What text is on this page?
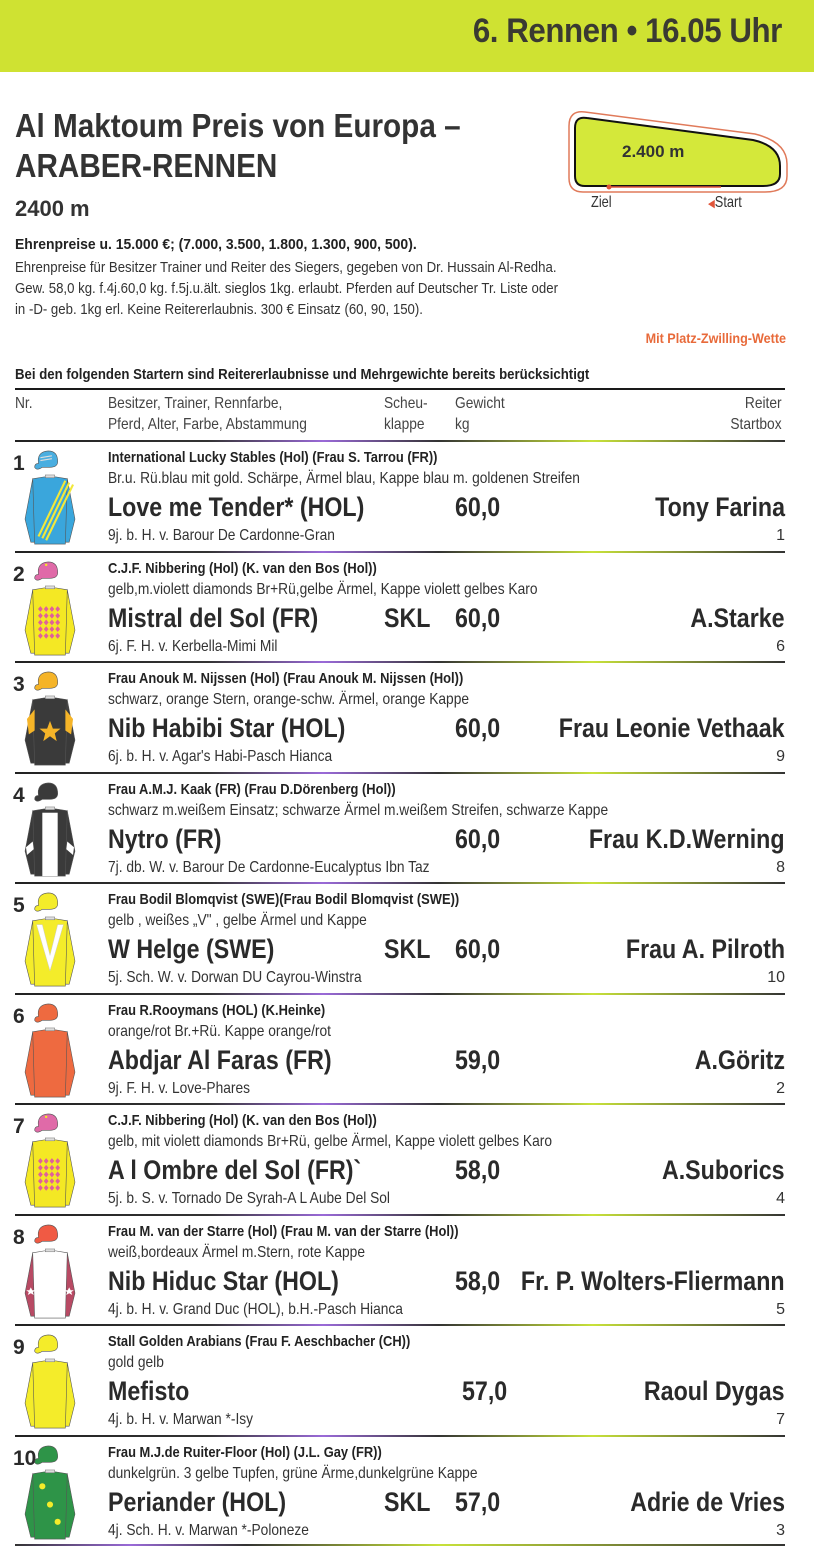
6. Rennen • 16.05 Uhr
Al Maktoum Preis von Europa –
ARABER-RENNEN
2400 m
2.400 m
Ziel	◀Start
Ehrenpreise u. 15.000 €; (7.000, 3.500, 1.800, 1.300, 900, 500).
Ehrenpreise für Besitzer Trainer und Reiter des Siegers, gegeben von Dr. Hussain Al-Redha.
Gew. 58,0 kg. f.4j.60,0 kg. f.5j.u.ält. sieglos 1kg. erlaubt. Pferden auf Deutscher Tr. Liste oder
in -D- geb. 1kg erl. Keine Reitererlaubnis. 300 € Einsatz (60, 90, 150).
Mit Platz-Zwilling-Wette
Bei den folgenden Startern sind Reitererlaubnisse und Mehrgewichte bereits berücksichtigt
Nr.	Besitzer, Trainer, Rennfarbe,
Pferd, Alter, Farbe, Abstammung
Scheu-
klappe
Gewicht
kg
Reiter
Startbox
1	International Lucky Stables (Hol) (Frau S. Tarrou (FR))
Br.u. Rü.blau mit gold. Schärpe, Ärmel blau, Kappe blau m. goldenen Streifen
Love me Tender* (HOL)	60,0	Tony Farina
9j. b. H. v. Barour De Cardonne-Gran	1
2	C.J.F. Nibbering (Hol) (K. van den Bos (Hol))
gelb,m.violett diamonds Br+Rü,gelbe Ärmel, Kappe violett gelbes Karo
Mistral del Sol (FR) SKL 60,0	A.Starke
6j. F. H. v. Kerbella-Mimi Mil	6
3	Frau Anouk M. Nijssen (Hol) (Frau Anouk M. Nijssen (Hol))
schwarz, orange Stern, orange-schw. Ärmel, orange Kappe
Nib Habibi Star (HOL)	60,0 Frau Leonie Vethaak
6j. b. H. v. Agar's Habi-Pasch Hianca	9
4	Frau A.M.J. Kaak (FR) (Frau D.Dörenberg (Hol))
schwarz m.weißem Einsatz; schwarze Ärmel m.weißem Streifen, schwarze Kappe
Nytro (FR)	60,0	Frau K.D.Werning
7j. db. W. v. Barour De Cardonne-Eucalyptus Ibn Taz	8
5	Frau Bodil Blomqvist (SWE)(Frau Bodil Blomqvist (SWE))
gelb , weißes „V" , gelbe Ärmel und Kappe
W Helge (SWE)	SKL 60,0	Frau A. Pilroth
5j. Sch. W. v. Dorwan DU Cayrou-Winstra	10
6	Frau R.Rooymans (HOL) (K.Heinke)
orange/rot Br.+Rü. Kappe orange/rot
Abdjar Al Faras (FR)	59,0	A.Göritz
9j. F. H. v. Love-Phares	2
7	C.J.F. Nibbering (Hol) (K. van den Bos (Hol))
gelb, mit violett diamonds Br+Rü, gelbe Ärmel, Kappe violett gelbes Karo
A l Ombre del Sol (FR)`	58,0	A.Suborics
5j. b. S. v. Tornado De Syrah-A L Aube Del Sol	4
8	Frau M. van der Starre (Hol) (Frau M. van der Starre (Hol))
weiß,bordeaux Ärmel m.Stern, rote Kappe
Nib Hiduc Star (HOL)	58,0 Fr. P. Wolters-Fliermann
4j. b. H. v. Grand Duc (HOL), b.H.-Pasch Hianca	5
9	Stall Golden Arabians (Frau F. Aeschbacher (CH))
gold gelb
Mefisto	57,0	Raoul Dygas
4j. b. H. v. Marwan *-Isy	7
10	Frau M.J.de Ruiter-Floor (Hol) (J.L. Gay (FR))
dunkelgrün. 3 gelbe Tupfen, grüne Ärme,dunkelgrüne Kappe
Periander (HOL)	SKL 57,0	Adrie de Vries
4j. Sch. H. v. Marwan *-Poloneze	3
